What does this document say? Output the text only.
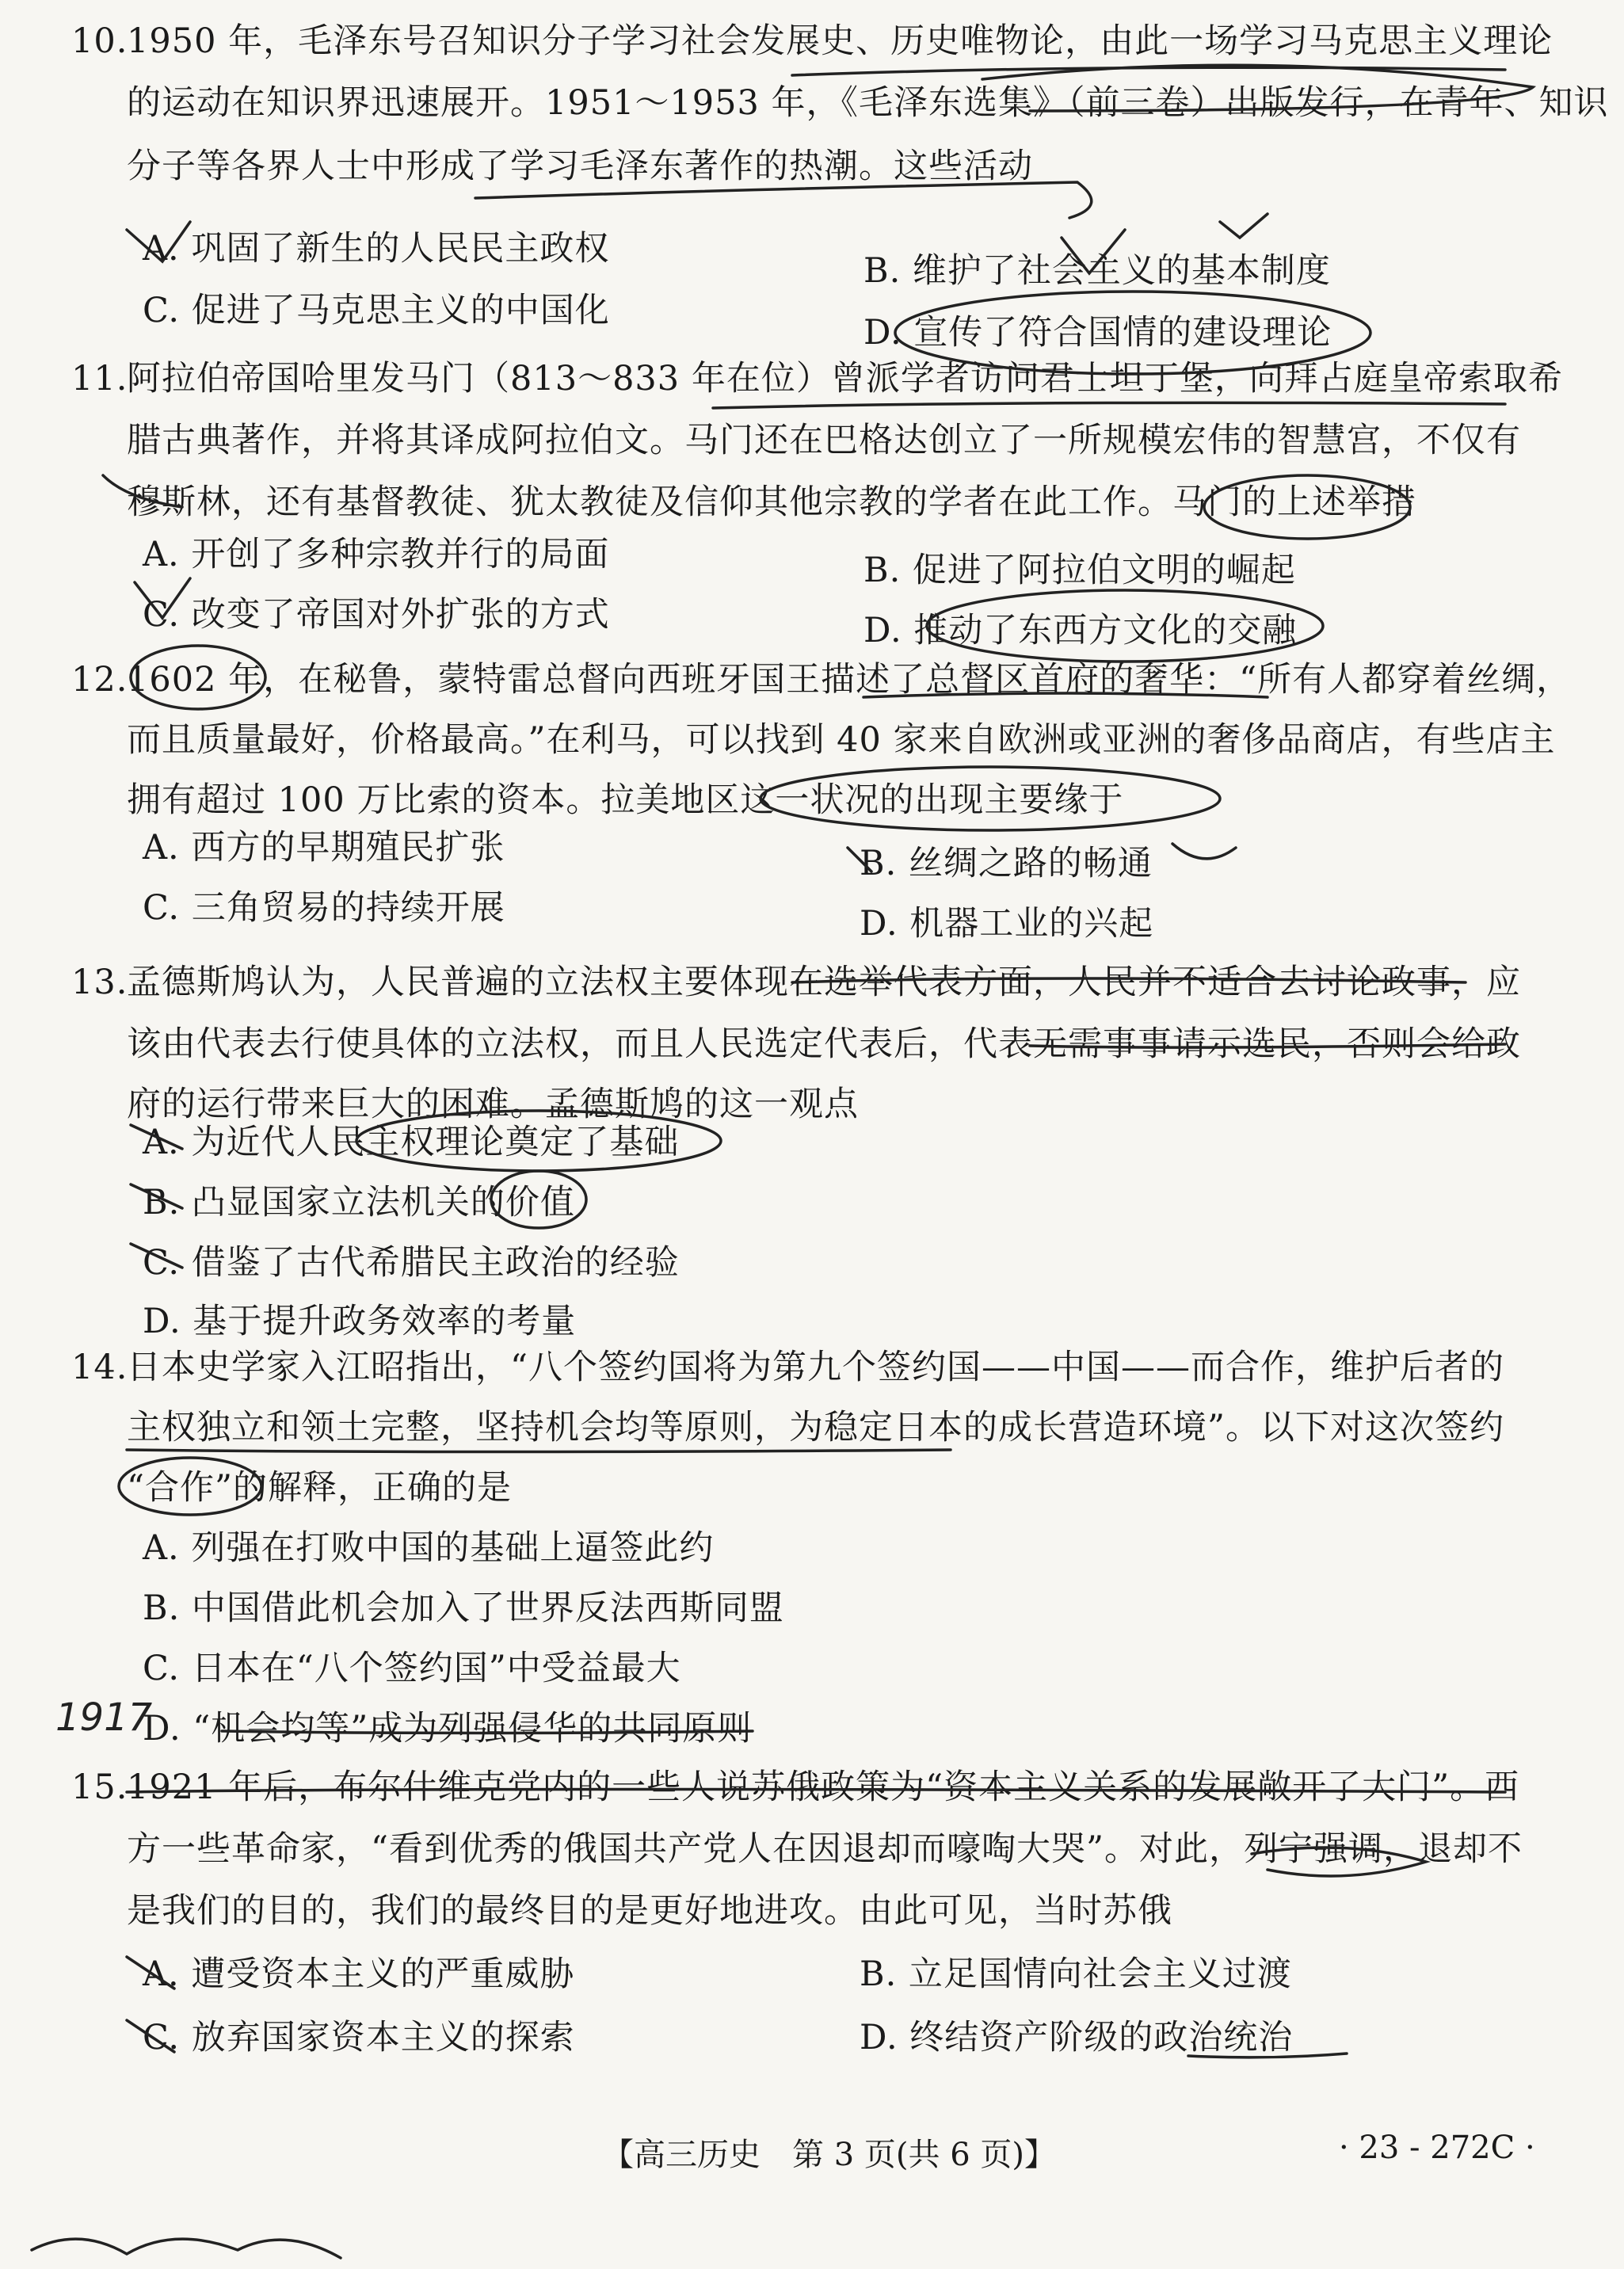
10.
1950 年，毛泽东号召知识分子学习社会发展史、历史唯物论，由此一场学习马克思主义理论
的运动在知识界迅速展开。1951～1953 年，《毛泽东选集》（前三卷）出版发行，在青年、知识
分子等各界人士中形成了学习毛泽东著作的热潮。这些活动
A. 巩固了新生的人民民主政权
B. 维护了社会主义的基本制度
C. 促进了马克思主义的中国化
D. 宣传了符合国情的建设理论
11.
阿拉伯帝国哈里发马门（813～833 年在位）曾派学者访问君士坦丁堡，向拜占庭皇帝索取希
腊古典著作，并将其译成阿拉伯文。马门还在巴格达创立了一所规模宏伟的智慧宫，不仅有
穆斯林，还有基督教徒、犹太教徒及信仰其他宗教的学者在此工作。马门的上述举措
A. 开创了多种宗教并行的局面	B. 促进了阿拉伯文明的崛起
C. 改变了帝国对外扩张的方式	D. 推动了东西方文化的交融
12.
1602 年，在秘鲁，蒙特雷总督向西班牙国王描述了总督区首府的奢华：“所有人都穿着丝绸，
而且质量最好，价格最高。”在利马，可以找到 40 家来自欧洲或亚洲的奢侈品商店，有些店主
拥有超过 100 万比索的资本。拉美地区这一状况的出现主要缘于
A. 西方的早期殖民扩张	B. 丝绸之路的畅通
C. 三角贸易的持续开展	D. 机器工业的兴起
13.
孟德斯鸠认为，人民普遍的立法权主要体现在选举代表方面，人民并不适合去讨论政事，应
该由代表去行使具体的立法权，而且人民选定代表后，代表无需事事请示选民，否则会给政
府的运行带来巨大的困难。孟德斯鸠的这一观点
A. 为近代人民主权理论奠定了基础
B. 凸显国家立法机关的价值
C. 借鉴了古代希腊民主政治的经验
D. 基于提升政务效率的考量
14.
日本史学家入江昭指出，“八个签约国将为第九个签约国——中国——而合作，维护后者的
主权独立和领土完整，坚持机会均等原则，为稳定日本的成长营造环境”。以下对这次签约
“合作”的解释，正确的是
A. 列强在打败中国的基础上逼签此约
B. 中国借此机会加入了世界反法西斯同盟
C. 日本在“八个签约国”中受益最大
D. “机会均等”成为列强侵华的共同原则
15.
1921 年后，布尔什维克党内的一些人说苏俄政策为“资本主义关系的发展敞开了大门”。西
方一些革命家，“看到优秀的俄国共产党人在因退却而嚎啕大哭”。对此，列宁强调，退却不
是我们的目的，我们的最终目的是更好地进攻。由此可见，当时苏俄
A. 遭受资本主义的严重威胁	B. 立足国情向社会主义过渡
C. 放弃国家资本主义的探索	D. 终结资产阶级的政治统治
【高三历史　第 3 页(共 6 页)】	· 23 - 272C ·
1917
